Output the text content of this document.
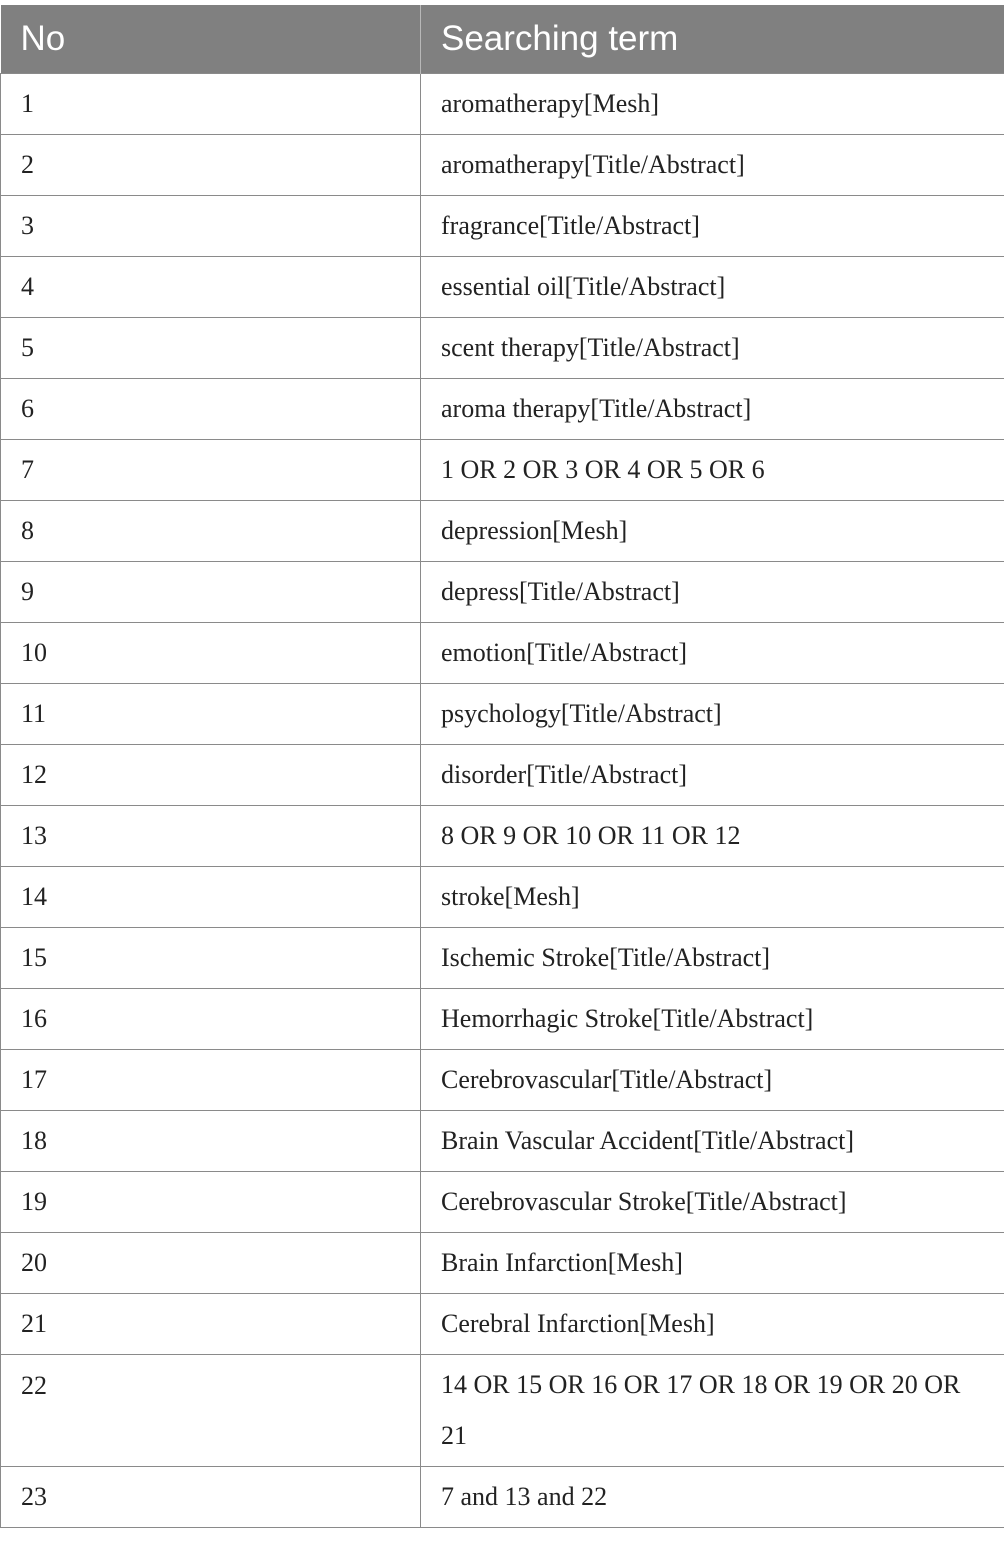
No	Searching term
1	aromatherapy[Mesh]
2	aromatherapy[Title/Abstract]
3	fragrance[Title/Abstract]
4	essential oil[Title/Abstract]
5	scent therapy[Title/Abstract]
6	aroma therapy[Title/Abstract]
7	1 OR 2 OR 3 OR 4 OR 5 OR 6
8	depression[Mesh]
9	depress[Title/Abstract]
10	emotion[Title/Abstract]
11	psychology[Title/Abstract]
12	disorder[Title/Abstract]
13	8 OR 9 OR 10 OR 11 OR 12
14	stroke[Mesh]
15	Ischemic Stroke[Title/Abstract]
16	Hemorrhagic Stroke[Title/Abstract]
17	Cerebrovascular[Title/Abstract]
18	Brain Vascular Accident[Title/Abstract]
19	Cerebrovascular Stroke[Title/Abstract]
20	Brain Infarction[Mesh]
21	Cerebral Infarction[Mesh]
22	14 OR 15 OR 16 OR 17 OR 18 OR 19 OR 20 OR 21
23	7 and 13 and 22
